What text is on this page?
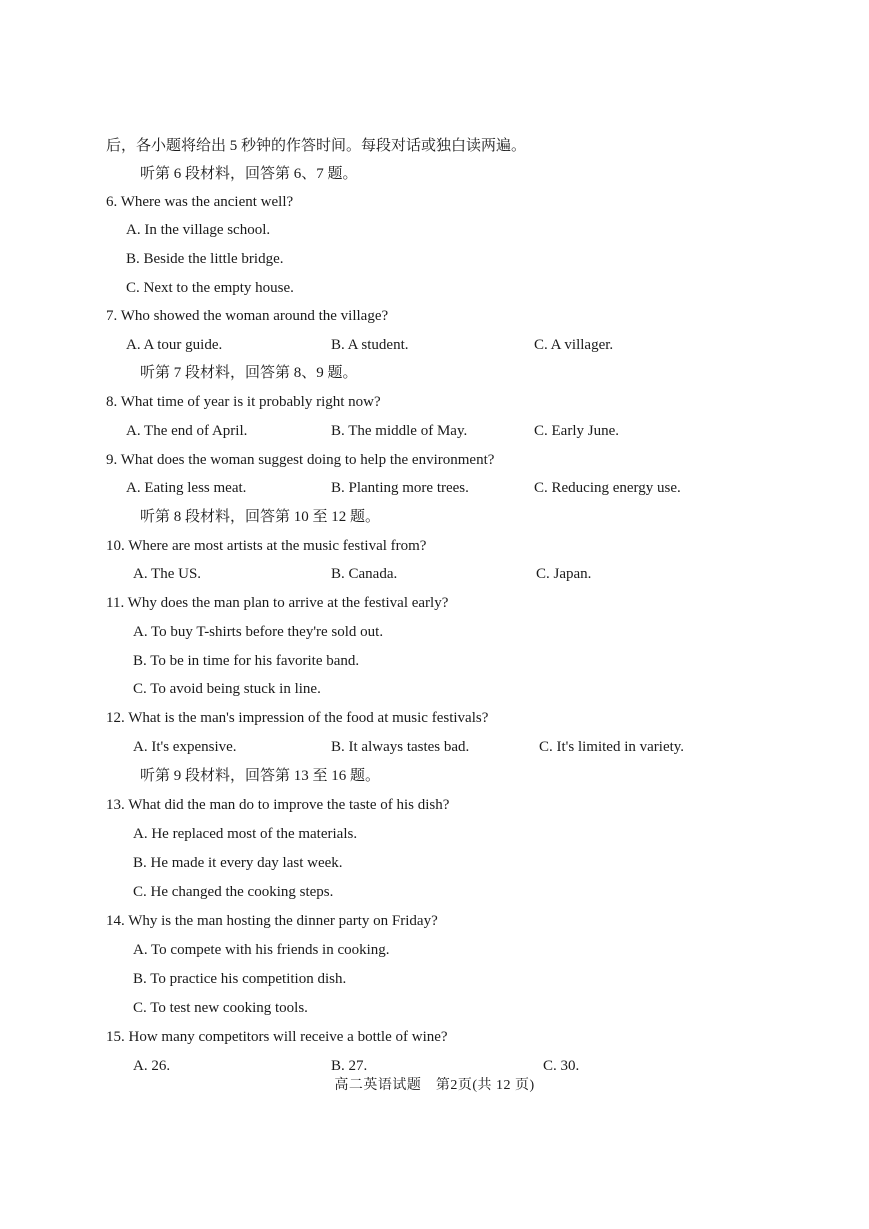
后，各小题将给出 5 秒钟的作答时间。每段对话或独白读两遍。
听第 6 段材料，回答第 6、7 题。
6. Where was the ancient well?
A. In the village school.
B. Beside the little bridge.
C. Next to the empty house.
7. Who showed the woman around the village?
A. A tour guide.	B. A student.	C. A villager.
听第 7 段材料，回答第 8、9 题。
8. What time of year is it probably right now?
A. The end of April.	B. The middle of May.	C. Early June.
9. What does the woman suggest doing to help the environment?
A. Eating less meat.	B. Planting more trees.	C. Reducing energy use.
听第 8 段材料，回答第 10 至 12 题。
10. Where are most artists at the music festival from?
A. The US.	B. Canada.	C. Japan.
11. Why does the man plan to arrive at the festival early?
A. To buy T-shirts before they're sold out.
B. To be in time for his favorite band.
C. To avoid being stuck in line.
12. What is the man's impression of the food at music festivals?
A. It's expensive.	B. It always tastes bad.	C. It's limited in variety.
听第 9 段材料，回答第 13 至 16 题。
13. What did the man do to improve the taste of his dish?
A. He replaced most of the materials.
B. He made it every day last week.
C. He changed the cooking steps.
14. Why is the man hosting the dinner party on Friday?
A. To compete with his friends in cooking.
B. To practice his competition dish.
C. To test new cooking tools.
15. How many competitors will receive a bottle of wine?
A. 26.	B. 27.	C. 30.
高二英语试题　第2页(共 12 页)
